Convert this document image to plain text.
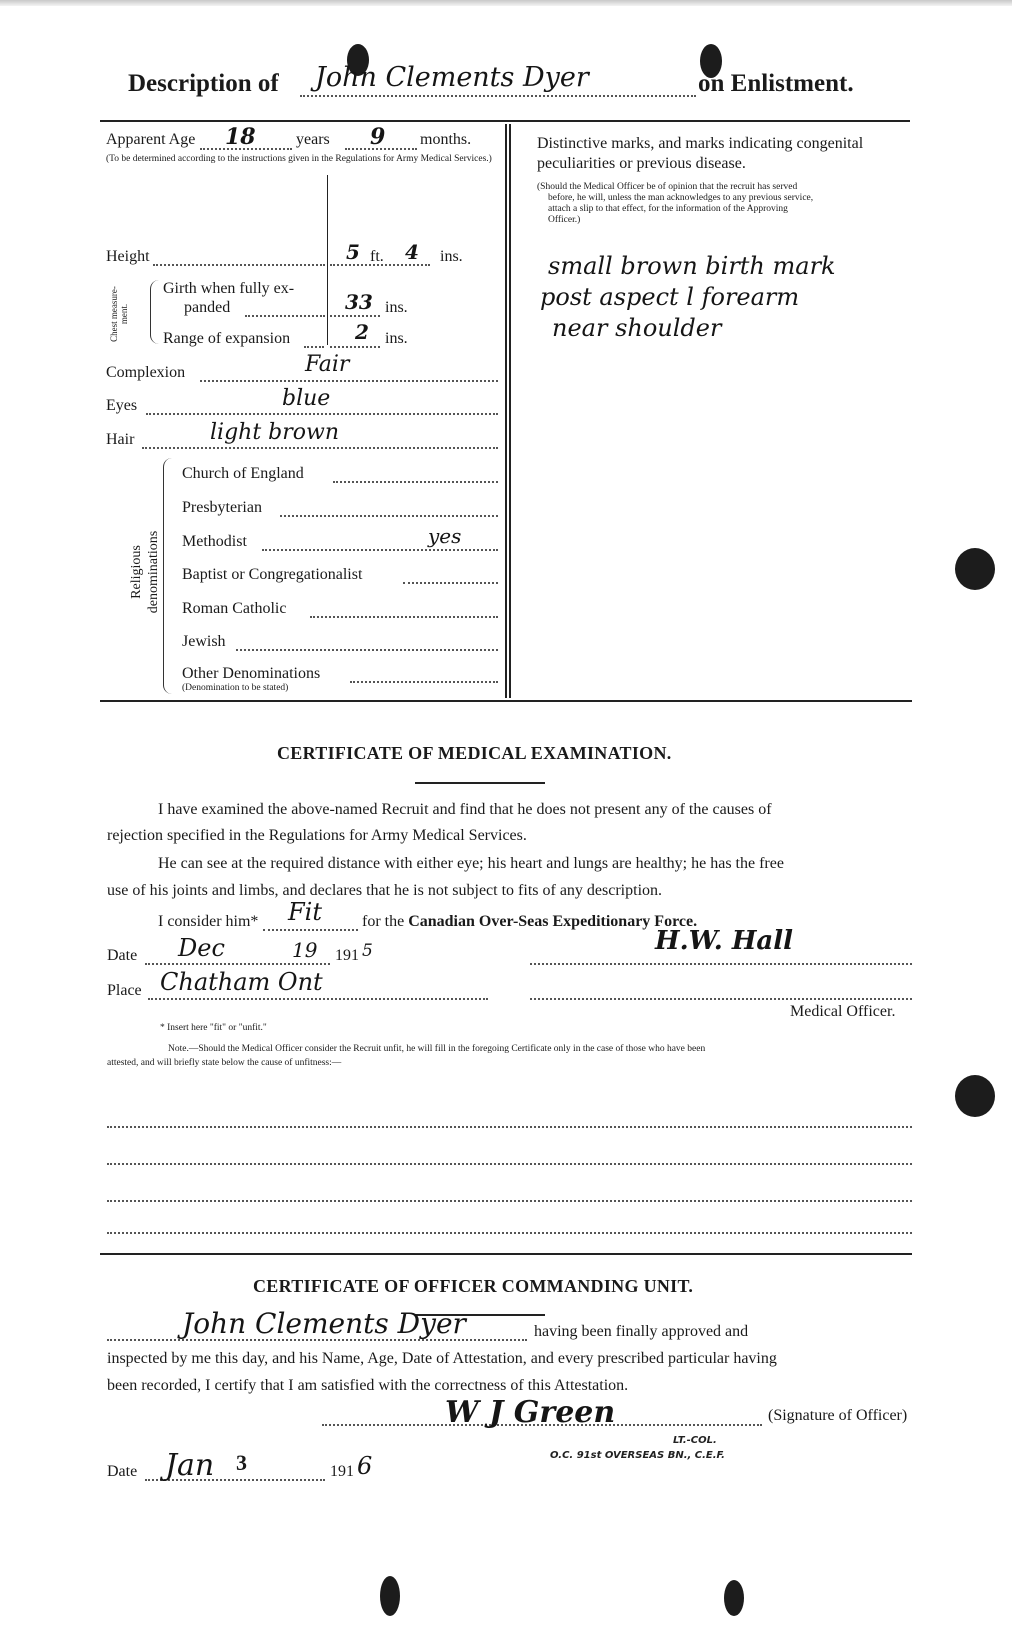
Description of John Clements Dyer	on Enlistment.
Apparent Age 18	years 9 months.
(To be determined according to the instructions given in the Regulations for Army Medical Services.)
Height	5 ft. 4 ins.
Chest measure-ment.
Girth when fully ex-
panded	33 ins.
Range of expansion	2 ins.
Complexion	Fair
Eyes	blue
Hair	light brown
Religious denominations
Church of England
Presbyterian
Methodist	yes
Baptist or Congregationalist
Roman Catholic
Jewish
Other Denominations
(Denomination to be stated)
Distinctive marks, and marks indicating congenital
peculiarities or previous disease.
(Should the Medical Officer be of opinion that the recruit has served
before, he will, unless the man acknowledges to any previous service,
attach a slip to that effect, for the information of the Approving
Officer.)
small brown birth mark
post aspect l forearm
near shoulder
CERTIFICATE OF MEDICAL EXAMINATION.
I have examined the above-named Recruit and find that he does not present any of the causes of
rejection specified in the Regulations for Army Medical Services.
He can see at the required distance with either eye; his heart and lungs are healthy; he has the free
use of his joints and limbs, and declares that he is not subject to fits of any description.
I consider him* Fit	for the Canadian Over-Seas Expeditionary Force.
Date Dec	19 191 5	H.W. Hall
Place Chatham Ont
Medical Officer.
* Insert here "fit" or "unfit."
Note.—Should the Medical Officer consider the Recruit unfit, he will fill in the foregoing Certificate only in the case of those who have been
attested, and will briefly state below the cause of unfitness:—
CERTIFICATE OF OFFICER COMMANDING UNIT.
John Clements Dyer	having been finally approved and
inspected by me this day, and his Name, Age, Date of Attestation, and every prescribed particular having
been recorded, I certify that I am satisfied with the correctness of this Attestation.
W J Green	(Signature of Officer)
LT.-COL.
O.C. 91st OVERSEAS BN., C.E.F.
Date Jan 3	191 6
